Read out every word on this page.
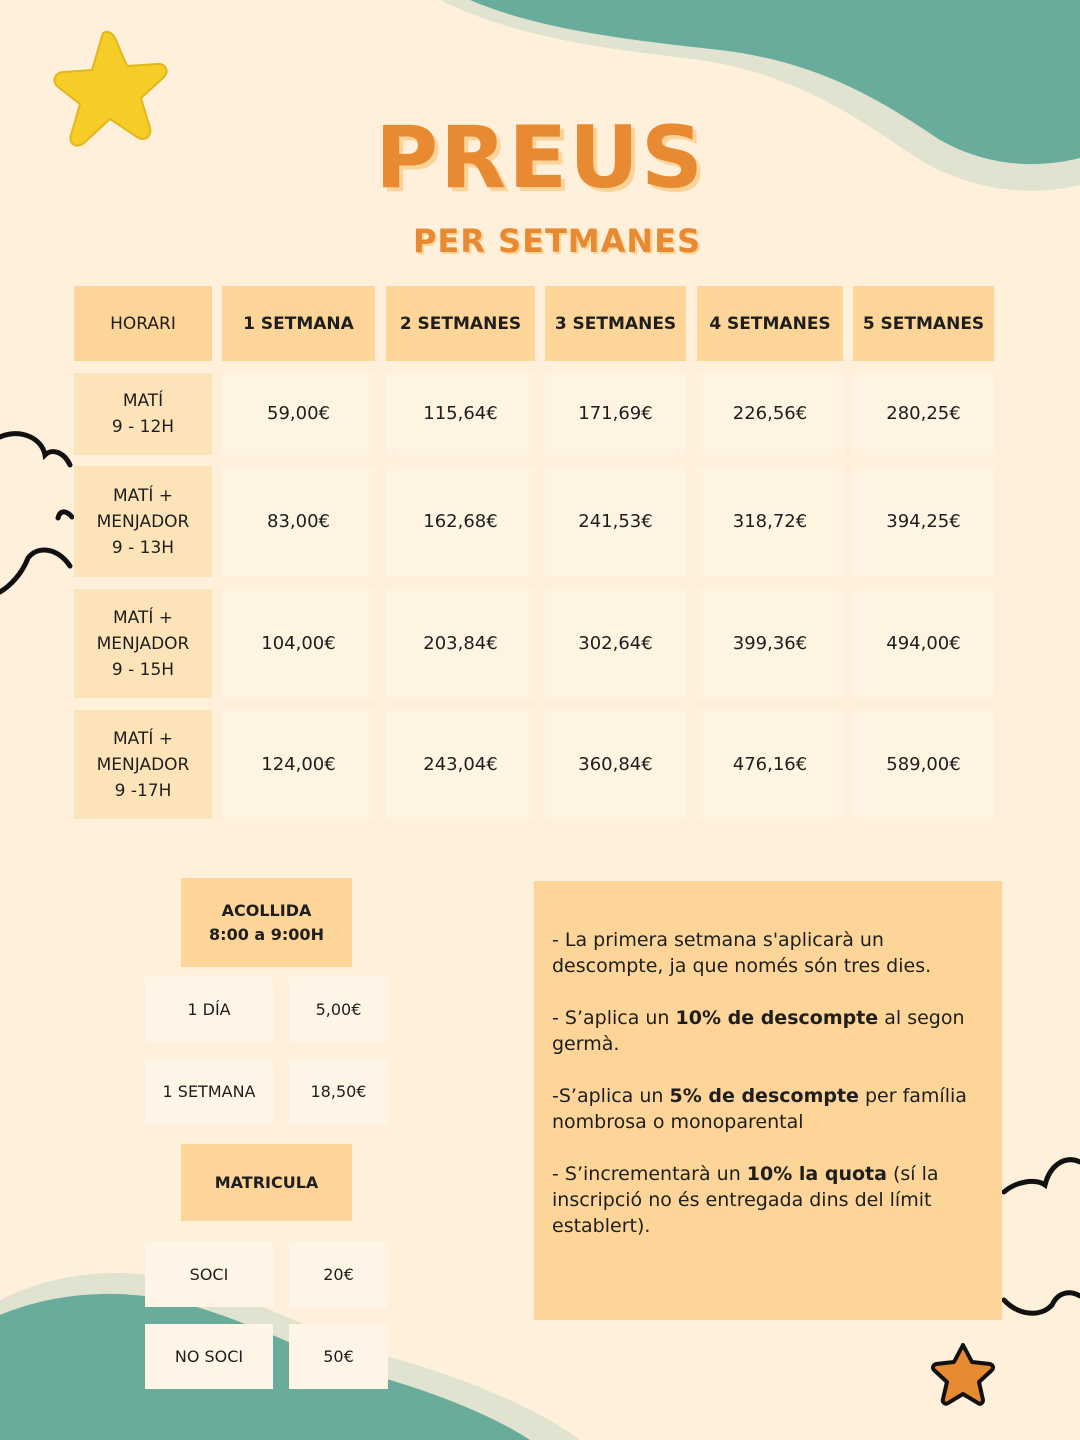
PREUS
PER SETMANES
HORARI	1 SETMANA	2 SETMANES	3 SETMANES	4 SETMANES	5 SETMANES
MATÍ
9 - 12H
59,00€	115,64€	171,69€	226,56€	280,25€
MATÍ +
MENJADOR
9 - 13H
83,00€	162,68€	241,53€	318,72€	394,25€
MATÍ +
MENJADOR
9 - 15H
104,00€	203,84€	302,64€	399,36€	494,00€
MATÍ +
MENJADOR
9 -17H
124,00€	243,04€	360,84€	476,16€	589,00€
ACOLLIDA
8:00 a 9:00H
1 DÍA	5,00€
1 SETMANA	18,50€
MATRICULA
SOCI	20€
NO SOCI	50€

- La primera setmana s'aplicarà un descompte, ja que només són tres dies.

- S’aplica un 10% de descompte al segon germà.

-S’aplica un 5% de descompte per família nombrosa o monoparental

- S’incrementarà un 10% la quota (sí la inscripció no és entregada dins del límit establert).
